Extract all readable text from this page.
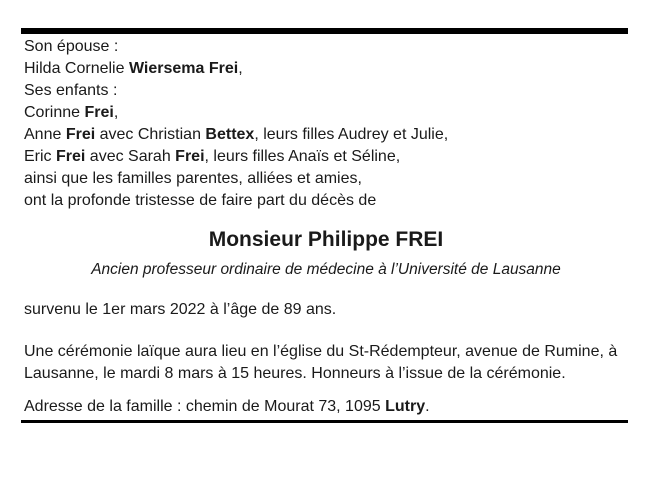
Son épouse :

Hilda Cornelie Wiersema Frei,

Ses enfants :

Corinne Frei,

Anne Frei avec Christian Bettex, leurs filles Audrey et Julie,

Eric Frei avec Sarah Frei, leurs filles Anaïs et Séline,

ainsi que les familles parentes, alliées et amies,

ont la profonde tristesse de faire part du décès de

Monsieur Philippe FREI

Ancien professeur ordinaire de médecine à l’Université de Lausanne

survenu le 1er mars 2022 à l’âge de 89 ans.

Une cérémonie laïque aura lieu en l’église du St-Rédempteur, avenue de Rumine, à

Lausanne, le mardi 8 mars à 15 heures. Honneurs à l’issue de la cérémonie.

Adresse de la famille : chemin de Mourat 73, 1095 Lutry.
